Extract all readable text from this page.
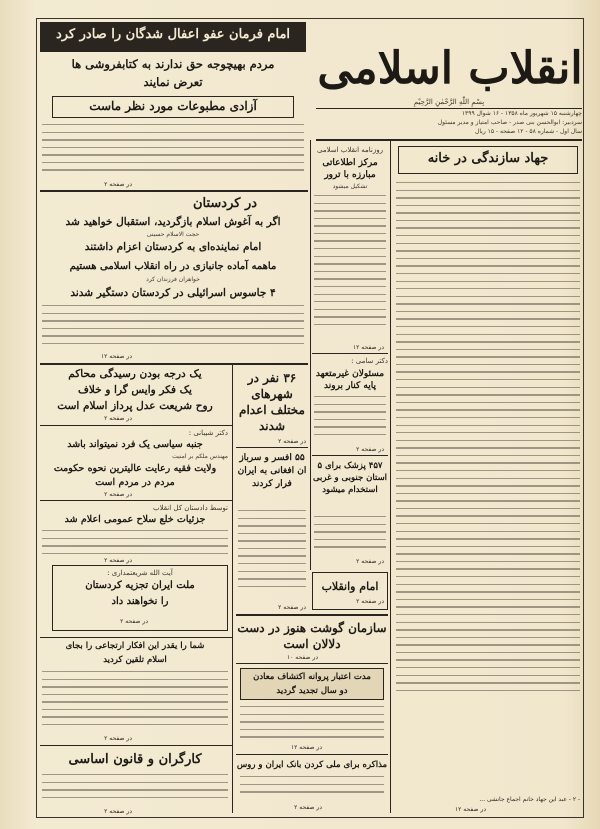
انقلاب اسلامی
بِسْمِ اللّٰهِ الرَّحْمٰنِ الرَّحِیْمِ
چهارشنبه ۱۵ شهریور ماه ۱۳۵۸ - ۱۶ شوال ۱۳۹۹
سردبیر: ابوالحسن بنی صدر - صاحب امتیاز و مدیر مسئول
سال اول - شماره ۵۸ - ۱۲ صفحه - ۱۵ ریال
امام فرمان عفو اعفال شدگان را صادر کرد
مردم بهیچوجه حق ندارند به کتابفروشی ها
تعرض نمایند
آزادی مطبوعات مورد نظر ماست
در صفحه ۲
در کردستان
اگر به آغوش اسلام بازگردید، استقبال خواهید شد
حجت الاسلام حسینی
امام نماینده‌ای به کردستان اعزام داشتند
ماهمه آماده جانبازی در راه انقلاب اسلامی هستیم
خواهران فرزندان کرد
۴ جاسوس اسرائیلی در کردستان دستگیر شدند
در صفحه ۱۲
یک درجه بودن رسیدگی محاکم
یک فکر وایس گرا و خلاف
روح شریعت عدل پرداز اسلام است
در صفحه ۲
دکتر شیبانی :
جنبه سیاسی یک فرد نمیتواند باشد
مهندس ملکم بر امنیت
ولایت فقیه رعایت عالیترین نحوه حکومت
مردم در مردم است
در صفحه ۲
توسط دادستان کل انقلاب
جزئیات خلع سلاح عمومی اعلام شد
در صفحه ۲
آیت الله شریعتمداری :
ملت ایران تجزیه کردستان
را نخواهند داد
در صفحه ۲
شما را یقدر این افکار ارتجاعی را بجای
اسلام تلقین کردید
در صفحه ۲
کارگران و قانون اساسی
در صفحه ۲
۳۶ نفر در شهرهای مختلف اعدام شدند
در صفحه ۲
۵۵ افسر و سرباز ان افغانی به ایران فرار کردند
در صفحه ۲
روزنامه انقلاب اسلامی
مرکز اطلاعاتی مبارزه با ترور
تشکیل میشود
در صفحه ۱۲
دکتر سامی :
مسئولان غیرمتعهد پایه کنار بروند
در صفحه ۲
۴۵۷ پزشک برای ۵ استان جنوبی و غربی استخدام میشود
در صفحه ۲
امام وانقلاب
در صفحه ۲
سازمان گوشت هنوز در دست دلالان است
در صفحه ۱۰
مدت اعتبار پروانه اکتشاف معادن
دو سال تجدید گردید
در صفحه ۱۲
مذاکره برای ملی کردن بانک ایران و روس
در صفحه ۲
جهاد سازندگی در خانه
- ۲ - عبد این جهاد خانم اجماع جانشی ...
در صفحه ۱۲
